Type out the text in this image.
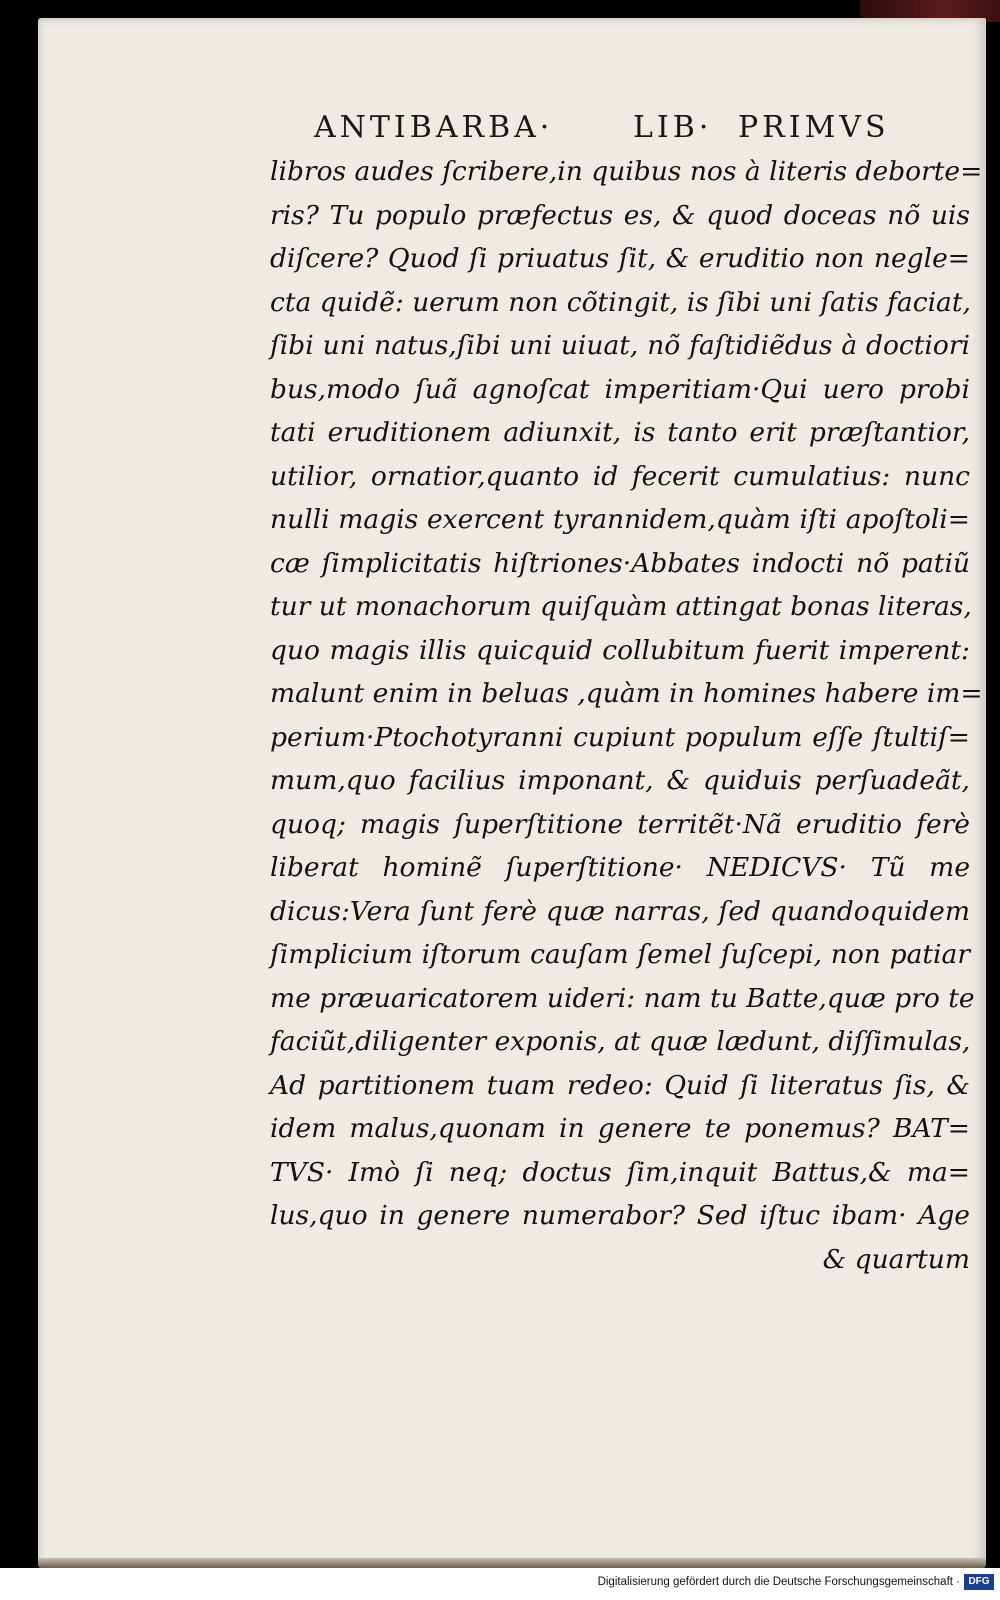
ANTIBARBA·	LIB· PRIMVS
libros audes ſcribere,in quibus nos à literis deborte=
ris? Tu populo præfectus es, & quod doceas nõ uis
diſcere? Quod ſi priuatus ſit, & eruditio non negle=
cta quidẽ: uerum non cõtingit, is ſibi uni ſatis faciat,
ſibi uni natus,ſibi uni uiuat, nõ faſtidiẽdus à doctiori
bus,modo ſuã agnoſcat imperitiam·Qui uero probi
tati eruditionem adiunxit, is tanto erit præſtantior,
utilior, ornatior,quanto id fecerit cumulatius: nunc
nulli magis exercent tyrannidem,quàm iſti apoſtoli=
cæ ſimplicitatis hiſtriones·Abbates indocti nõ patiũ
tur ut monachorum quiſquàm attingat bonas literas,
quo magis illis quicquid collubitum fuerit imperent:
malunt enim in beluas ,quàm in homines habere im=
perium·Ptochotyranni cupiunt populum eſſe ſtultiſ=
mum,quo facilius imponant, & quiduis perſuadeãt,
quoq; magis ſuperſtitione territẽt·Nã eruditio ferè
liberat hominẽ ſuperſtitione· NEDICVS· Tũ me
dicus:Vera ſunt ferè quæ narras, ſed quandoquidem
ſimplicium iſtorum cauſam ſemel ſuſcepi, non patiar
me præuaricatorem uideri: nam tu Batte,quæ pro te
faciũt,diligenter exponis, at quæ lædunt, diſſimulas,
Ad partitionem tuam redeo: Quid ſi literatus ſis, &
idem malus,quonam in genere te ponemus? BAT=
TVS· Imò ſi neq; doctus ſim,inquit Battus,& ma=
lus,quo in genere numerabor? Sed iſtuc ibam· Age
& quartum
Digitalisierung gefördert durch die Deutsche Forschungsgemeinschaft · DFG
